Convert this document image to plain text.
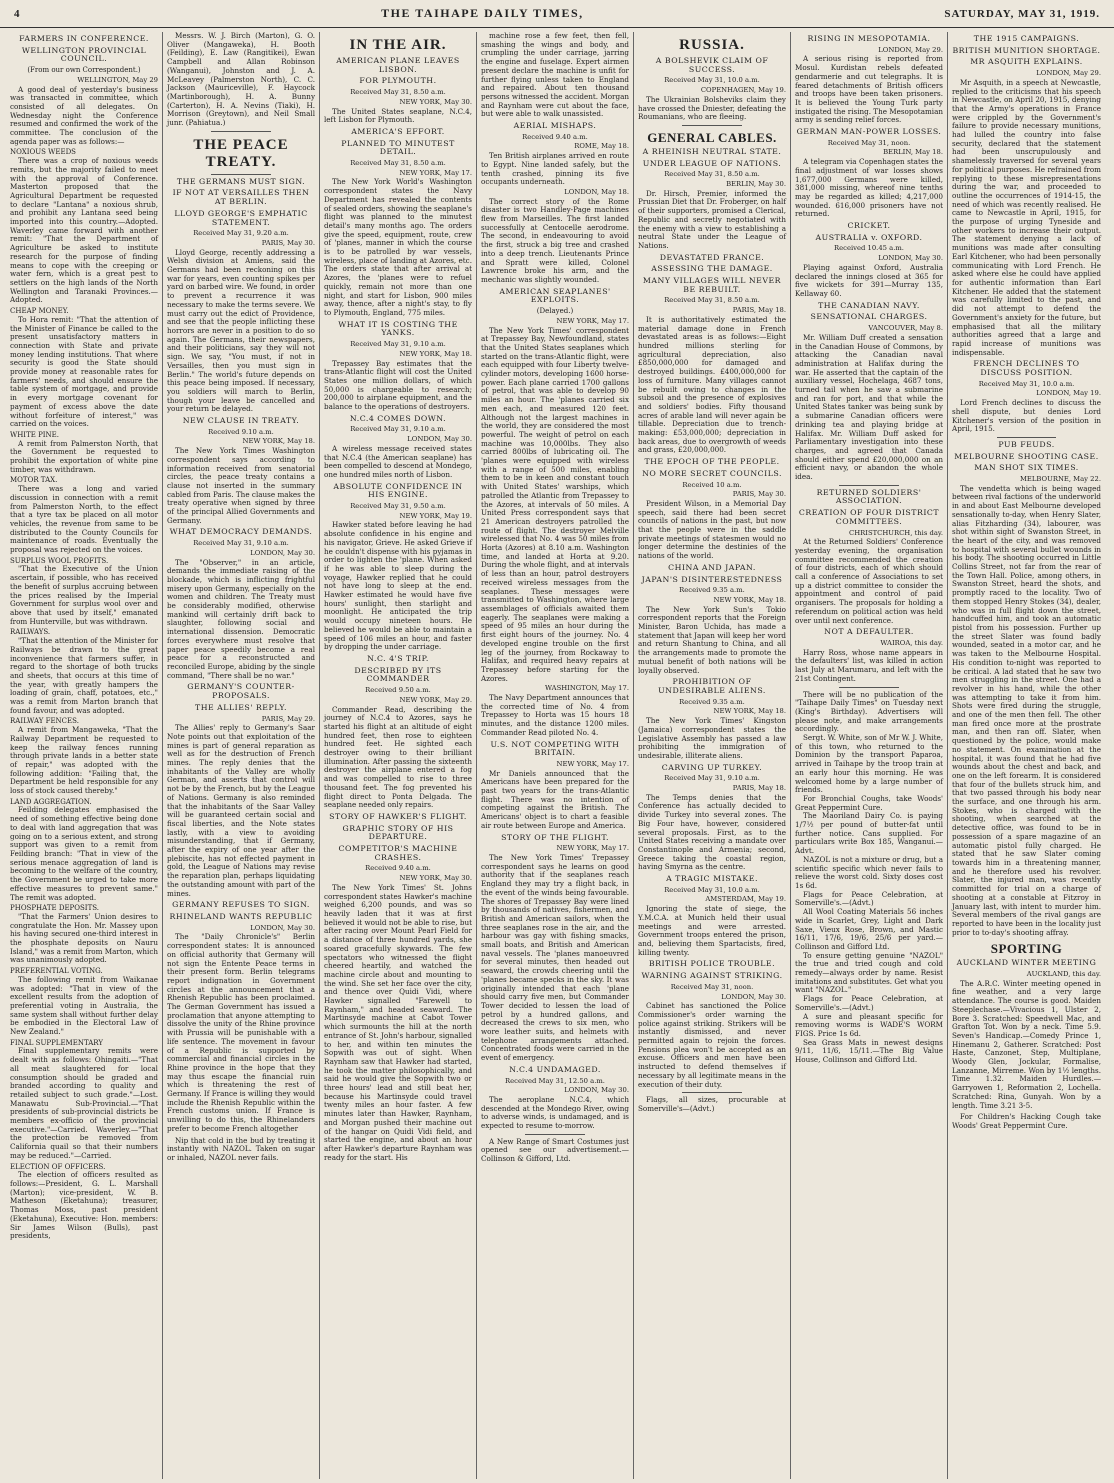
4	THE TAIHAPE DAILY TIMES,	SATURDAY, MAY 31, 1919.
FARMERS IN CONFERENCE.
WELLINGTON PROVINCIAL COUNCIL.
(From our own Correspondent.)
WELLINGTON, May 29

A good deal of yesterday's business was transacted in committee, which consisted of all delegates. On Wednesday night the Conference resumed and confirmed the work of the committee. The conclusion of the agenda paper was as follows:—

NOXIOUS WEEDS

There was a crop of noxious weeds remits, but the majority failed to meet with the approval of Conference. Masterton proposed that the Agricultural Department be requested to declare "Lantana" a noxious shrub, and prohibit any Lantana seed being imported into this country.—Adopted. Waverley came forward with another remit: "That the Department of Agriculture be asked to institute research for the purpose of finding means to cope with the creeping or water fern, which is a great pest to settlers on the high lands of the North Wellington and Taranaki Provinces.—Adopted.

CHEAP MONEY.

To Hora remit: "That the attention of the Minister of Finance be called to the present unsatisfactory matters in connection with State and private money lending institutions. That where security is good the State should provide money at reasonable rates for farmers' needs, and should ensure the table system of mortgage, and provide in every mortgage covenant for payment of excess above the date without forfeiture of interest," was carried on the voices.

WHITE PINE.

A remit from Palmerston North, that the Government be requested to prohibit the exportation of white pine timber, was withdrawn.

MOTOR TAX.

There was a long and varied discussion in connection with a remit from Palmerston North, to the effect that a tyre tax be placed on all motor vehicles, the revenue from same to be distributed to the County Councils for maintenance of roads. Eventually the proposal was rejected on the voices.

SURPLUS WOOL PROFITS.

"That the Executive of the Union ascertain, if possible, who has received the benefit of surplus accruing between the prices realised by the Imperial Government for surplus wool over and above that used by itself," emanated from Hunterville, but was withdrawn.

RAILWAYS.

"That the attention of the Minister for Railways be drawn to the great inconvenience that farmers suffer, in regard to the shortage of both trucks and sheets, that occurs at this time of the year, with greatly hampers the loading of grain, chaff, potatoes, etc.," was a remit from Marton branch that found favour, and was adopted.

RAILWAY FENCES.

A remit from Mangaweka, "That the Railway Department be requested to keep the railway fences running through private lands in a better state of repair," was adopted with the following addition: "Failing that, the Department be held responsible for any loss of stock caused thereby."

LAND AGGREGATION.

Feilding delegates emphasised the need of something effective being done to deal with land aggregation that was going on to a serious extent, and strong support was given to a remit from Feilding branch: "That in view of the serious menace aggregation of land is becoming to the welfare of the country, the Government be urged to take more effective measures to prevent same." The remit was adopted.

PHOSPHATE DEPOSITS.

"That the Farmers' Union desires to congratulate the Hon. Mr. Massey upon his having secured one-third interest in the phosphate deposits on Nauru Island," was a remit from Marton, which was unanimously adopted.

PREFERENTIAL VOTING.

The following remit from Waikanae was adopted: "That in view of the excellent results from the adoption of preferential voting in Australia, the same system shall without further delay be embodied in the Electoral Law of New Zealand."

FINAL SUPPLEMENTARY

Final supplementary remits were dealt with as follows: Ohingaiti.—"That all meat slaughtered for local consumption should be graded and branded according to quality and retailed subject to such grade."—Lost. Manawatu Sub-Provincial.—"That presidents of sub-provincial districts be members ex-officio of the provincial executive."—Carried. Waverley.—"That the protection be removed from California quail so that their numbers may be reduced."—Carried.

ELECTION OF OFFICERS.

The election of officers resulted as follows:—President, G. L. Marshall (Marton); vice-president, W. B. Matheson (Eketahuna); treasurer, Thomas Moss, past president (Eketahuna), Executive: Hon. members: Sir James Wilson (Bulls), past presidents,

Messrs. W. J. Birch (Marton), G. O. Oliver (Mangaweka), H. Booth (Feilding), E. Law (Rangitikei), Ewan Campbell and Allan Robinson (Wanganui), Johnston and J. A. McLeavey (Palmerston North), C. C. Jackson (Mauriceville), F. Haycock (Martinborough), H. A. Bunny (Carterton), H. A. Nevins (Tiaki), H. Morrison (Greytown), and Neil Small junr. (Pahiatua.)

THE PEACE TREATY.
THE GERMANS MUST SIGN.
IF NOT AT VERSAILLES THEN AT BERLIN.
LLOYD GEORGE'S EMPHATIC STATEMENT.
Received May 31, 9.20 a.m.
PARIS, May 30.

Lloyd George, recently addressing a Welsh division at Amiens, said the Germans had been reckoning on this war for years, even counting spikes per yard on barbed wire. We found, in order to prevent a recurrence it was necessary to make the terms severe. We must carry out the edict of Providence, and see that the people inflicting these horrors are never in a position to do so again. The Germans, their newspapers, and their politicians, say they will not sign. We say, "You must, if not in Versailles, then you must sign in Berlin." The world's future depends on this peace being imposed. If necessary, you soldiers will march to Berlin, though your leave be cancelled and your return be delayed.

NEW CLAUSE IN TREATY.
Received 9.10 a.m.
NEW YORK, May 18.

The New York Times Washington correspondent says according to information received from senatorial circles, the peace treaty contains a clause not inserted in the summary cabled from Paris. The clause makes the treaty operative when signed by three of the principal Allied Governments and Germany.

WHAT DEMOCRACY DEMANDS.
Received May 31, 9.10 a.m.
LONDON, May 30.

The "Observer," in an article, demands the immediate raising of the blockade, which is inflicting frightful misery upon Germany, especially on the women and children. The Treaty must be considerably modified, otherwise mankind will certainly drift back to slaughter, following social and international dissension. Democratic forces everywhere must resolve that paper peace speedily become a real peace for a reconstructed and reconciled Europe, abiding by the single command, "There shall be no war."

GERMANY'S COUNTER-PROPOSALS.
THE ALLIES' REPLY.
PARIS, May 29.

The Allies' reply to Germany's Saar Note points out that exploitation of the mines is part of general reparation as well as for the destruction of French mines. The reply denies that the inhabitants of the Valley are wholly German, and asserts that control will not be by the French, but by the League of Nations. Germany is also reminded that the inhabitants of the Saar Valley will be guaranteed certain social and fiscal liberties, and the Note states lastly, with a view to avoiding misunderstanding, that if Germany, after the expiry of one year after the plebiscite, has not effected payment in gold, the League of Nations may revise the reparation plan, perhaps liquidating the outstanding amount with part of the mines.

GERMANY REFUSES TO SIGN.
RHINELAND WANTS REPUBLIC
LONDON, May 30.

The "Daily Chronicle's" Berlin correspondent states: It is announced on official authority that Germany will not sign the Entente Peace terms in their present form. Berlin telegrams report indignation in Government circles at the announcement that a Rhenish Republic has been proclaimed. The German Government has issued a proclamation that anyone attempting to dissolve the unity of the Rhine province with Prussia will be punishable with a life sentence. The movement in favour of a Republic is supported by commercial and financial circles in the Rhine province in the hope that they may thus escape the financial ruin which is threatening the rest of Germany. If France is willing they would include the Rhenish Republic within the French customs union. If France is unwilling to do this, the Rhinelanders prefer to become French altogether

Nip that cold in the bud by treating it instantly with NAZOL. Taken on sugar or inhaled, NAZOL never fails.

IN THE AIR.
AMERICAN PLANE LEAVES LISBON.
FOR PLYMOUTH.
Received May 31, 8.50 a.m.
NEW YORK, May 30.

The United States seaplane, N.C.4, left Lisbon for Plymouth.

AMERICA'S EFFORT.
PLANNED TO MINUTEST DETAIL.
Received May 31, 8.50 a.m.
NEW YORK, May 17.

The New York World's Washington correspondent states the Navy Department has revealed the contents of sealed orders, showing the seaplane's flight was planned to the minutest detail's many months ago. The orders give the speed, equipment, route, crew of 'planes, manner in which the course is to be patrolled by war vessels, wireless, place of landing at Azores, etc. The orders state that after arrival at Azores, the 'planes were to refuel quickly, remain not more than one night, and start for Lisbon, 900 miles away, thence, after a night's stay, to fly to Plymouth, England, 775 miles.

WHAT IT IS COSTING THE YANKS.
Received May 31, 9.10 a.m.
NEW YORK, May 18.

Trepassey Bay estimates that the trans-Atlantic flight will cost the United States one million dollars, of which 50,000 is chargeable to research; 200,000 to airplane equipment, and the balance to the operations of destroyers.

N.C.4 COMES DOWN.
Received May 31, 9.10 a.m.
LONDON, May 30.

A wireless message received states that N.C.4 (the American seaplane) has been compelled to descend at Mondego, one hundred miles north of Lisbon.

ABSOLUTE CONFIDENCE IN HIS ENGINE.
Received May 31, 9.50 a.m.
NEW YORK, May 19.

Hawker stated before leaving he had absolute confidence in his engine and his navigator, Grieve. He asked Grieve if he couldn't dispense with his pyjamas in order to lighten the 'plane. When asked if he was able to sleep during the voyage, Hawker replied that he could not have long to sleep at the end. Hawker estimated he would have five hours' sunlight, then starlight and moonlight. He anticipated the trip would occupy nineteen hours. He believed he would be able to maintain a speed of 106 miles an hour, and faster by dropping the under carriage.

N.C. 4'S TRIP.
DESCRIBED BY ITS COMMANDER
Received 9.50 a.m.
NEW YORK, May 29.

Commander Read, describing the journey of N.C.4 to Azores, says he started his flight at an altitude of eight hundred feet, then rose to eighteen hundred feet. He sighted each destroyer owing to their brilliant illumination. After passing the sixteenth destroyer the airplane entered a fog and was compelled to rise to three thousand feet. The fog prevented his flight direct to Ponta Delgada. The seaplane needed only repairs.

STORY OF HAWKER'S FLIGHT.
GRAPHIC STORY OF HIS DEPARTURE.
COMPETITOR'S MACHINE CRASHES.
Received 9.40 a.m.
NEW YORK, May 30.

The New York Times' St. Johns correspondent states Hawker's machine weighed 6,200 pounds, and was so heavily laden that it was at first believed it would not be able to rise, but after racing over Mount Pearl Field for a distance of three hundred yards, she soared gracefully skywards. The few spectators who witnessed the flight cheered heartily, and watched the machine circle about and mounting to the wind. She set her face over the city, and thence over Quidi Vidi, where Hawker signalled "Farewell to Raynham," and headed seaward. The Martinsyde machine at Cabot Tower which surmounts the hill at the north entrance of St. John's harbour, signalled to her, and within ten minutes the Sopwith was out of sight. When Raynham saw that Hawker had started, he took the matter philosophically, and said he would give the Sopwith two or three hours' lead and still beat her, because his Martinsyde could travel twenty miles an hour faster. A few minutes later than Hawker, Raynham, and Morgan pushed their machine out of the hangar on Quidi Vidi field, and started the engine, and about an hour after Hawker's departure Raynham was ready for the start. His

machine rose a few feet, then fell, smashing the wings and body, and crumpling the under carriage, jarring the engine and fuselage. Expert airmen present declare the machine is unfit for further flying unless taken to England and repaired. About ten thousand persons witnessed the accident. Morgan and Raynham were cut about the face, but were able to walk unassisted.

AERIAL MISHAPS.
Received 9.40 a.m.
ROME, May 18.

Ten British airplanes arrived en route to Egypt. Nine landed safely, but the tenth crashed, pinning its five occupants underneath.

LONDON, May 18.

The correct story of the Rome disaster is two Handley-Page machines flew from Marseilles. The first landed successfully at Centocelle aerodrome. The second, in endeavouring to avoid the first, struck a big tree and crashed into a deep trench. Lieutenants Prince and Spratt were killed, Colonel Lawrence broke his arm, and the mechanic was slightly wounded.

AMERICAN SEAPLANES' EXPLOITS.
(Delayed.)
NEW YORK, May 17.

The New York Times' correspondent at Trepassey Bay, Newfoundland, states that the United States seaplanes which started on the trans-Atlantic flight, were each equipped with four Liberty twelve-cylinder motors, developing 1600 horse-power. Each plane carried 1700 gallons of petrol, that was able to develop 90 miles an hour. The 'planes carried six men each, and measured 120 feet. Although not the largest machines in the world, they are considered the most powerful. The weight of petrol on each machine was 10,000lbs. They also carried 800lbs of lubricating oil. The 'planes were equipped with wireless with a range of 500 miles, enabling them to be in keen and constant touch with United States' warships, which patrolled the Atlantic from Trepassey to the Azores, at intervals of 50 miles. A United Press correspondent says that 21 American destroyers patrolled the route of flight. The destroyer Melville wirelessed that No. 4 was 50 miles from Horta (Azores) at 8.10 a.m. Washington time, and landed at Horta at 9.20. During the whole flight, and at intervals of less than an hour, patrol destroyers received wireless messages from the seaplanes. These messages were transmitted to Washington, where large assemblages of officials awaited them eagerly. The seaplanes were making a speed of 95 miles an hour during the first eight hours of the journey. No. 4 developed engine trouble on the first leg of the journey, from Rockaway to Halifax, and required heavy repairs at Trepassey before starting for the Azores.

WASHINGTON, May 17.

The Navy Department announces that the corrected time of No. 4 from Trepassey to Horta was 15 hours 18 minutes, and the distance 1200 miles. Commander Read piloted No. 4.

U.S. NOT COMPETING WITH BRITAIN.
NEW YORK, May 17.

Mr Daniels announced that the Americans have been prepared for the past two years for the trans-Atlantic flight. There was no intention of competing against the British. The Americans' object is to chart a feasible air route between Europe and America.

STORY OF THE FLIGHT.
NEW YORK, May 17.

The New York Times' Trepassey correspondent says he learns on good authority that if the seaplanes reach England they may try a flight back, in the event of the winds being favourable. The shores of Trepassey Bay were lined by thousands of natives, fishermen, and British and American sailors, when the three seaplanes rose in the air, and the harbour was gay with fishing smacks, small boats, and British and American naval vessels. The 'planes manoeuvred for several minutes, then headed out seaward, the crowds cheering until the 'planes became specks in the sky. It was originally intended that each 'plane should carry five men, but Commander Tower decided to lessen the load of petrol by a hundred gallons, and decreased the crews to six men, who wore leather suits, and helmets with telephone arrangements attached. Concentrated foods were carried in the event of emergency.

N.C.4 UNDAMAGED.
Received May 31, 12.50 a.m.
LONDON, May 30.

The aeroplane N.C.4, which descended at the Mondego River, owing to adverse winds, is undamaged, and is expected to resume to-morrow.

A New Range of Smart Costumes just opened see our advertisement.—Collinson & Gifford, Ltd.

RUSSIA.
A BOLSHEVIK CLAIM OF SUCCESS.
Received May 31, 10.0 a.m.
COPENHAGEN, May 19.

The Ukrainian Bolsheviks claim they have crossed the Dniester, defeating the Roumanians, who are fleeing.

GENERAL CABLES.
A RHEINISH NEUTRAL STATE.
UNDER LEAGUE OF NATIONS.
Received May 31, 8.50 a.m.
BERLIN, May 30.

Dr. Hirsch, Premier, informed the Prussian Diet that Dr. Froberger, on half of their supporters, promised a Clerical, Republic and secretly negotiated with the enemy with a view to establishing a neutral State under the League of Nations.

DEVASTATED FRANCE.
ASSESSING THE DAMAGE.
MANY VILLAGES WILL NEVER BE REBUILT.
Received May 31, 8.50 a.m.
PARIS, May 18.

It is authoritatively estimated the material damage done in French devastated areas is as follows:—Eight hundred millions sterling for agricultural depreciation, also £850,000,000 for damaged and destroyed buildings. £400,000,000 for loss of furniture. Many villages cannot be rebuilt owing to changes in the subsoil and the presence of explosives and soldiers' bodies. Fifty thousand acres of arable land will never again be tillable. Depreciation due to trench-making: £53,000,000; depreciation in back areas, due to overgrowth of weeds and grass, £20,000,000.

THE EPOCH OF THE PEOPLE.
NO MORE SECRET COUNCILS.
Received 10 a.m.
PARIS, May 30.

President Wilson, in a Memorial Day speech, said there had been secret councils of nations in the past, but now that the people were in the saddle private meetings of statesmen would no longer determine the destinies of the nations of the world.

CHINA AND JAPAN.
JAPAN'S DISINTERESTEDNESS
Received 9.35 a.m.
NEW YORK, May 18.

The New York Sun's Tokio correspondent reports that the Foreign Minister, Baron Uchida, has made a statement that Japan will keep her word and return Shantung to China, and all the arrangements made to promote the mutual benefit of both nations will be loyally observed.

PROHIBITION OF UNDESIRABLE ALIENS.
Received 9.35 a.m.
NEW YORK, May 18.

The New York Times' Kingston (Jamaica) correspondent states the Legislative Assembly has passed a law prohibiting the immigration of undesirable, illiterate aliens.

CARVING UP TURKEY.
Received May 31, 9.10 a.m.
PARIS, May 18.

The Temps denies that the Conference has actually decided to divide Turkey into several zones. The Big Four have, however, considered several proposals. First, as to the United States receiving a mandate over Constantinople and Armenia; second, Greece taking the coastal region, having Smyrna as the centre.

A TRAGIC MISTAKE.
Received May 31, 10.0 a.m.
AMSTERDAM, May 19.

Ignoring the state of siege, the Y.M.C.A. at Munich held their usual meetings and were arrested. Government troops entered the prison, and, believing them Spartacists, fired, killing twenty.

BRITISH POLICE TROUBLE.
WARNING AGAINST STRIKING.
Received May 31, noon.
LONDON, May 30.

Cabinet has sanctioned the Police Commissioner's order warning the police against striking. Strikers will be instantly dismissed, and never permitted again to rejoin the forces. Pensions plea won't be accepted as an excuse. Officers and men have been instructed to defend themselves if necessary by all legitimate means in the execution of their duty.

Flags, all sizes, procurable at Somerville's—(Advt.)

RISING IN MESOPOTAMIA.
LONDON, May 29.

A serious rising is reported from Mosul. Kurdistan rebels defeated gendarmerie and cut telegraphs. It is feared detachments of British officers and troops have been taken prisoners. It is believed the Young Turk party instigated the rising. The Mesopotamian army is sending relief forces.

GERMAN MAN-POWER LOSSES.
Received May 31, noon.
BERLIN, May 18.

A telegram via Copenhagen states the final adjustment of war losses shows 1,677,000 Germans were killed, 381,000 missing, whereof nine tenths may be regarded as killed; 4,217,000 wounded. 616,000 prisoners have not returned.

CRICKET.
AUSTRALIA v. OXFORD.
Received 10.45 a.m.
LONDON, May 30.

Playing against Oxford, Australia declared the innings closed at 365 for five wickets for 391—Murray 135, Kellaway 60.

THE CANADIAN NAVY.
SENSATIONAL CHARGES.
VANCOUVER, May 8.

Mr. William Duff created a sensation in the Canadian House of Commons, by attacking the Canadian naval administration at Halifax during the war. He asserted that the captain of the auxiliary vessel, Hochelaga, 4687 tons, turned tail when he saw a submarine and ran for port, and that while the United States tanker was being sunk by a submarine Canadian officers were drinking tea and playing bridge at Halifax. Mr. William Duff asked for Parliamentary investigation into these charges, and agreed that Canada should either spend £20,000,000 on an efficient navy, or abandon the whole idea.

RETURNED SOLDIERS' ASSOCIATION.
CREATION OF FOUR DISTRICT COMMITTEES.
CHRISTCHURCH, this day.

At the Returned Soldiers' Conference yesterday evening, the organisation committee recommended the creation of four districts, each of which should call a conference of Associations to set up a district committee to consider the appointment and control of paid organisers. The proposals for holding a referendum on political action was held over until next conference.

NOT A DEFAULTER.
WAIROA, this day.

Harry Ross, whose name appears in the defaulters' list, was killed in action last July at Marumaru, and left with the 21st Contingent.

There will be no publication of the "Taihape Daily Times" on Tuesday next (King's Birthday). Advertisers will please note, and make arrangements accordingly.

Sergt. W. White, son of Mr W. J. White, of this town, who returned to the Dominion by the transport Paparoa, arrived in Taihape by the troop train at an early hour this morning. He was welcomed home by a large number of friends.

For Bronchial Coughs, take Woods' Great Peppermint Cure.

The Maoriland Dairy Co. is paying 1/7½ per pound of butter-fat until further notice. Cans supplied. For particulars write Box 185, Wanganui.—Advt.

NAZOL is not a mixture or drug, but a scientific specific which never fails to relieve the worst cold. Sixty doses cost 1s 6d.

Flags for Peace Celebration, at Somerville's.—(Advt.)

All Wool Coating Materials 56 inches wide in Scarlet, Grey, Light and Dark Saxe, Vieux Rose, Brown, and Mastic 16/11, 17/6, 19/6, 25/6 per yard.—Collinson and Gifford Ltd.

To ensure getting genuine "NAZOL" the true and tried cough and cold remedy—always order by name. Resist imitations and substitutes. Get what you want "NAZOL."

Flags for Peace Celebration, at Somerville's.—(Advt.)

A sure and pleasant specific for removing worms is WADE'S WORM FIGS. Price 1s 6d.

Sea Grass Mats in newest designs 9/11, 11/6, 15/11.—The Big Value House, Collinson and Gifford Ltd.

THE 1915 CAMPAIGNS.
BRITISH MUNITION SHORTAGE.
MR ASQUITH EXPLAINS.
LONDON, May 29.

Mr Asquith, in a speech at Newcastle, replied to the criticisms that his speech in Newcastle, on April 20, 1915, denying that the Army's operations in France were crippled by the Government's failure to provide necessary munitions, had lulled the country into false security, declared that the statement had been unscrupulously and shamelessly traversed for several years for political purposes. He refrained from replying to these misrepresentations during the war, and proceeded to outline the occurrences of 1914-15, the need of which was recently realised. He came to Newcastle in April, 1915, for the purpose of urging Tyneside and other workers to increase their output. The statement denying a lack of munitions was made after consulting Earl Kitchener, who had been personally communicating with Lord French. He asked where else he could have applied for authentic information than Earl Kitchener. He added that the statement was carefully limited to the past, and did not attempt to defend the Government's anxiety for the future, but emphasised that all the military authorities agreed that a large and rapid increase of munitions was indispensable.

FRENCH DECLINES TO DISCUSS POSITION.
Received May 31, 10.0 a.m.
LONDON, May 19.

Lord French declines to discuss the shell dispute, but denies Lord Kitchener's version of the position in April, 1915.

PUB FEUDS.
MELBOURNE SHOOTING CASE.
MAN SHOT SIX TIMES.
MELBOURNE, May 22.

The vendetta which is being waged between rival factions of the underworld in and about East Melbourne developed sensationally to-day, when Henry Slater, alias Fitzharding (34), labourer, was shot within sight of Swanston Street, in the heart of the city, and was removed to hospital with several bullet wounds in his body. The shooting occurred in Little Collins Street, not far from the rear of the Town Hall. Police, among others, in Swanston Street, heard the shots, and promptly raced to the locality. Two of them stopped Henry Stokes (34), dealer, who was in full flight down the street, handcuffed him, and took an automatic pistol from his possession. Further up the street Slater was found badly wounded, seated in a motor car, and he was taken to the Melbourne Hospital. His condition to-night was reported to be critical. A lad stated that he saw two men struggling in the street. One had a revolver in his hand, while the other was attempting to take it from him. Shots were fired during the struggle, and one of the men then fell. The other man fired once more at the prostrate man, and then ran off. Slater, when questioned by the police, would make no statement. On examination at the hospital, it was found that he had five wounds about the chest and back, and one on the left forearm. It is considered that four of the bullets struck him, and that two passed through his body near the surface, and one through his arm. Stokes, who is charged with the shooting, when searched at the detective office, was found to be in possession of a spare magazine of an automatic pistol fully charged. He stated that he saw Slater coming towards him in a threatening manner, and he therefore used his revolver. Slater, the injured man, was recently committed for trial on a charge of shooting at a constable at Fitzroy in January last, with intent to murder him. Several members of the rival gangs are reported to have been in the locality just prior to to-day's shooting affray.

SPORTING
AUCKLAND WINTER MEETING
AUCKLAND, this day.

The A.R.C. Winter meeting opened in fine weather, and a very large attendance. The course is good. Maiden Steeplechase.—Vivacious 1, Ulster 2, Bore 3. Scratched: Speedwell Mac, and Grafton Tot. Won by a neck. Time 5.9. Seven's Handicap.—Comedy Prince 1, Hinemanu 2, Gatherer. Scratched: Post Haste, Canzonet, Step, Multiplane, Woody Glen, Jockular, Formalise, Lanzanne, Mirreme. Won by 1½ lengths. Time 1.32. Maiden Hurdles.—Garryowen 1, Reformation 2, Lochella. Scratched: Rina, Gunyah. Won by a length. Time 3.21 3-5.

For Children's Hacking Cough take Woods' Great Peppermint Cure.
